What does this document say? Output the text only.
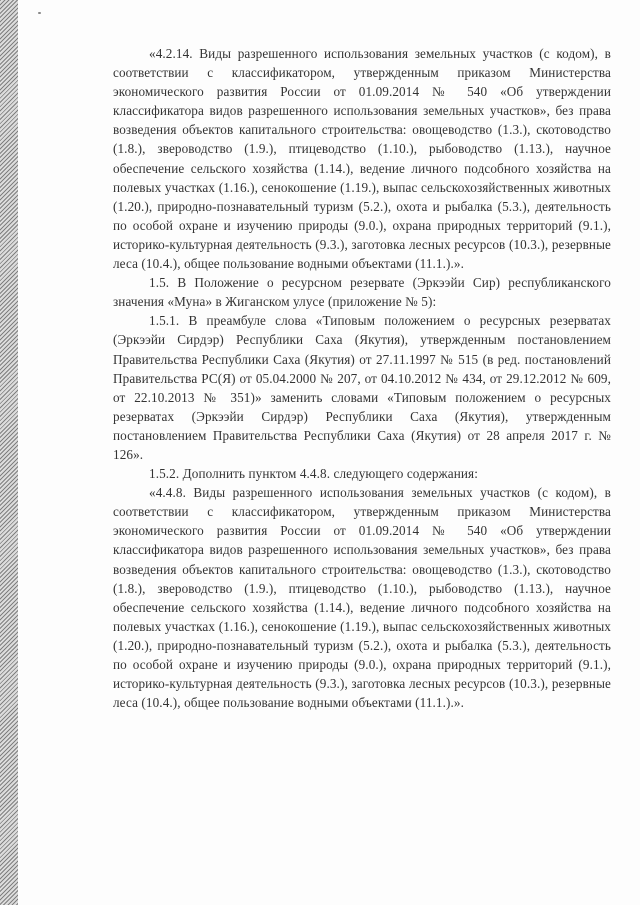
«4.2.14. Виды разрешенного использования земельных участков (с кодом), в соответствии с классификатором, утвержденным приказом Министерства экономического развития России от 01.09.2014 № 540 «Об утверждении классификатора видов разрешенного использования земельных участков», без права возведения объектов капитального строительства: овощеводство (1.3.), скотоводство (1.8.), звероводство (1.9.), птицеводство (1.10.), рыбоводство (1.13.), научное обеспечение сельского хозяйства (1.14.), ведение личного подсобного хозяйства на полевых участках (1.16.), сенокошение (1.19.), выпас сельскохозяйственных животных (1.20.), природно-познавательный туризм (5.2.), охота и рыбалка (5.3.), деятельность по особой охране и изучению природы (9.0.), охрана природных территорий (9.1.), историко-культурная деятельность (9.3.), заготовка лесных ресурсов (10.3.), резервные леса (10.4.), общее пользование водными объектами (11.1.).».

1.5. В Положение о ресурсном резервате (Эркээйи Сир) республиканского значения «Муна» в Жиганском улусе (приложение № 5):

1.5.1. В преамбуле слова «Типовым положением о ресурсных резерватах (Эркээйи Сирдэр) Республики Саха (Якутия), утвержденным постановлением Правительства Республики Саха (Якутия) от 27.11.1997 № 515 (в ред. постановлений Правительства РС(Я) от 05.04.2000 № 207, от 04.10.2012 № 434, от 29.12.2012 № 609, от 22.10.2013 № 351)» заменить словами «Типовым положением о ресурсных резерватах (Эркээйи Сирдэр) Республики Саха (Якутия), утвержденным постановлением Правительства Республики Саха (Якутия) от 28 апреля 2017 г. № 126».

1.5.2. Дополнить пунктом 4.4.8. следующего содержания:

«4.4.8. Виды разрешенного использования земельных участков (с кодом), в соответствии с классификатором, утвержденным приказом Министерства экономического развития России от 01.09.2014 № 540 «Об утверждении классификатора видов разрешенного использования земельных участков», без права возведения объектов капитального строительства: овощеводство (1.3.), скотоводство (1.8.), звероводство (1.9.), птицеводство (1.10.), рыбоводство (1.13.), научное обеспечение сельского хозяйства (1.14.), ведение личного подсобного хозяйства на полевых участках (1.16.), сенокошение (1.19.), выпас сельскохозяйственных животных (1.20.), природно-познавательный туризм (5.2.), охота и рыбалка (5.3.), деятельность по особой охране и изучению природы (9.0.), охрана природных территорий (9.1.), историко-культурная деятельность (9.3.), заготовка лесных ресурсов (10.3.), резервные леса (10.4.), общее пользование водными объектами (11.1.).».
